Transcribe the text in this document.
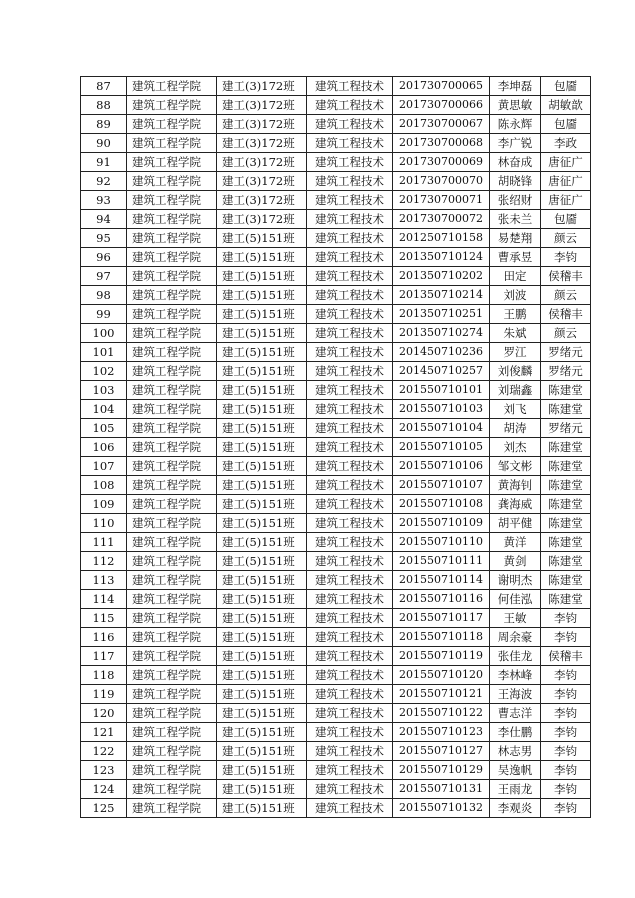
87	建筑工程学院	建工(3)172班	建筑工程技术	201730700065	李坤磊	包靥
88	建筑工程学院	建工(3)172班	建筑工程技术	201730700066	黄思敏	胡敏歆
89	建筑工程学院	建工(3)172班	建筑工程技术	201730700067	陈永辉	包靥
90	建筑工程学院	建工(3)172班	建筑工程技术	201730700068	李广锐	李政
91	建筑工程学院	建工(3)172班	建筑工程技术	201730700069	林奋成	唐征广
92	建筑工程学院	建工(3)172班	建筑工程技术	201730700070	胡晓锋	唐征广
93	建筑工程学院	建工(3)172班	建筑工程技术	201730700071	张绍财	唐征广
94	建筑工程学院	建工(3)172班	建筑工程技术	201730700072	张未兰	包靥
95	建筑工程学院	建工(5)151班	建筑工程技术	201250710158	易楚翔	颜云
96	建筑工程学院	建工(5)151班	建筑工程技术	201350710124	曹承昱	李钧
97	建筑工程学院	建工(5)151班	建筑工程技术	201350710202	田定	侯稽丰
98	建筑工程学院	建工(5)151班	建筑工程技术	201350710214	刘波	颜云
99	建筑工程学院	建工(5)151班	建筑工程技术	201350710251	王鹏	侯稽丰
100	建筑工程学院	建工(5)151班	建筑工程技术	201350710274	朱斌	颜云
101	建筑工程学院	建工(5)151班	建筑工程技术	201450710236	罗江	罗绪元
102	建筑工程学院	建工(5)151班	建筑工程技术	201450710257	刘俊麟	罗绪元
103	建筑工程学院	建工(5)151班	建筑工程技术	201550710101	刘瑞鑫	陈建堂
104	建筑工程学院	建工(5)151班	建筑工程技术	201550710103	刘飞	陈建堂
105	建筑工程学院	建工(5)151班	建筑工程技术	201550710104	胡涛	罗绪元
106	建筑工程学院	建工(5)151班	建筑工程技术	201550710105	刘杰	陈建堂
107	建筑工程学院	建工(5)151班	建筑工程技术	201550710106	邹文彬	陈建堂
108	建筑工程学院	建工(5)151班	建筑工程技术	201550710107	黄海钊	陈建堂
109	建筑工程学院	建工(5)151班	建筑工程技术	201550710108	龚海威	陈建堂
110	建筑工程学院	建工(5)151班	建筑工程技术	201550710109	胡平健	陈建堂
111	建筑工程学院	建工(5)151班	建筑工程技术	201550710110	黄洋	陈建堂
112	建筑工程学院	建工(5)151班	建筑工程技术	201550710111	黄剑	陈建堂
113	建筑工程学院	建工(5)151班	建筑工程技术	201550710114	谢明杰	陈建堂
114	建筑工程学院	建工(5)151班	建筑工程技术	201550710116	何佳泓	陈建堂
115	建筑工程学院	建工(5)151班	建筑工程技术	201550710117	王敏	李钧
116	建筑工程学院	建工(5)151班	建筑工程技术	201550710118	周余豪	李钧
117	建筑工程学院	建工(5)151班	建筑工程技术	201550710119	张佳龙	侯稽丰
118	建筑工程学院	建工(5)151班	建筑工程技术	201550710120	李林峰	李钧
119	建筑工程学院	建工(5)151班	建筑工程技术	201550710121	王海波	李钧
120	建筑工程学院	建工(5)151班	建筑工程技术	201550710122	曹志洋	李钧
121	建筑工程学院	建工(5)151班	建筑工程技术	201550710123	李仕鹏	李钧
122	建筑工程学院	建工(5)151班	建筑工程技术	201550710127	林志男	李钧
123	建筑工程学院	建工(5)151班	建筑工程技术	201550710129	吴逸帆	李钧
124	建筑工程学院	建工(5)151班	建筑工程技术	201550710131	王雨龙	李钧
125	建筑工程学院	建工(5)151班	建筑工程技术	201550710132	李观炎	李钧
